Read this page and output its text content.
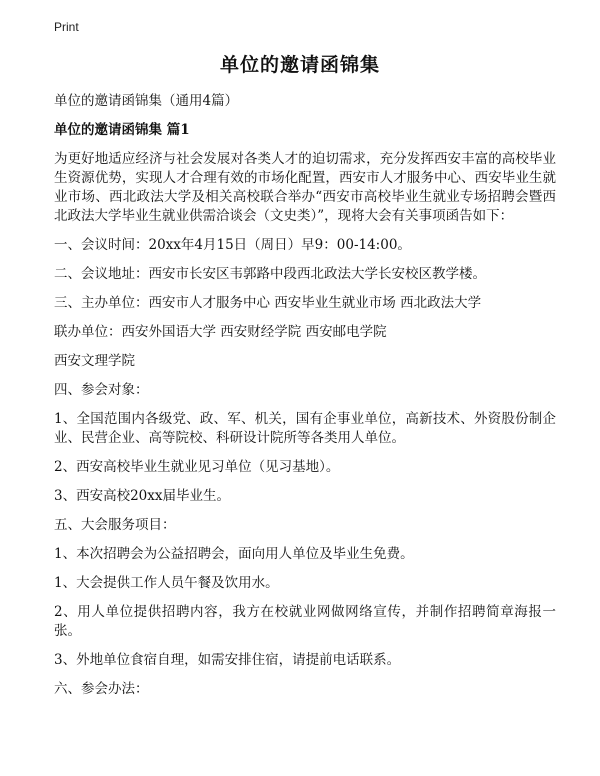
Print
单位的邀请函锦集

单位的邀请函锦集（通用4篇）

单位的邀请函锦集 篇1

为更好地适应经济与社会发展对各类人才的迫切需求，充分发挥西安丰富的高校毕业生资源优势，实现人才合理有效的市场化配置，西安市人才服务中心、西安毕业生就业市场、西北政法大学及相关高校联合举办“西安市高校毕业生就业专场招聘会暨西北政法大学毕业生就业供需洽谈会（文史类）”，现将大会有关事项函告如下：

一、会议时间：20xx年4月15日（周日）早9：00-14:00。

二、会议地址：西安市长安区韦郭路中段西北政法大学长安校区教学楼。

三、主办单位：西安市人才服务中心 西安毕业生就业市场 西北政法大学

联办单位：西安外国语大学 西安财经学院 西安邮电学院

西安文理学院

四、参会对象：

1、全国范围内各级党、政、军、机关，国有企事业单位，高新技术、外资股份制企业、民营企业、高等院校、科研设计院所等各类用人单位。

2、西安高校毕业生就业见习单位（见习基地）。

3、西安高校20xx届毕业生。

五、大会服务项目：

1、本次招聘会为公益招聘会，面向用人单位及毕业生免费。

1、大会提供工作人员午餐及饮用水。

2、用人单位提供招聘内容，我方在校就业网做网络宣传，并制作招聘简章海报一张。

3、外地单位食宿自理，如需安排住宿，请提前电话联系。

六、参会办法：
